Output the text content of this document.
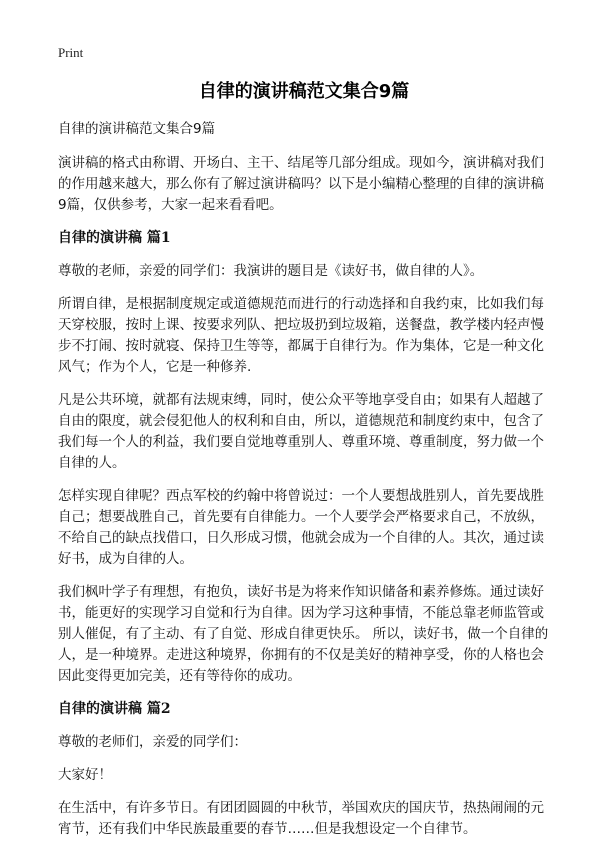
Print
自律的演讲稿范文集合9篇

自律的演讲稿范文集合9篇

演讲稿的格式由称谓、开场白、主干、结尾等几部分组成。现如今，演讲稿对我们的作用越来越大，那么你有了解过演讲稿吗？以下是小编精心整理的自律的演讲稿9篇，仅供参考，大家一起来看看吧。

自律的演讲稿 篇1

尊敬的老师，亲爱的同学们：我演讲的题目是《读好书，做自律的人》。

所谓自律，是根据制度规定或道德规范而进行的行动选择和自我约束，比如我们每天穿校服，按时上课、按要求列队、把垃圾扔到垃圾箱，送餐盘，教学楼内轻声慢步不打闹、按时就寝、保持卫生等等，都属于自律行为。作为集体，它是一种文化风气；作为个人，它是一种修养.

凡是公共环境，就都有法规束缚，同时，使公众平等地享受自由；如果有人超越了自由的限度，就会侵犯他人的权利和自由，所以，道德规范和制度约束中，包含了我们每一个人的利益，我们要自觉地尊重别人、尊重环境、尊重制度，努力做一个自律的人。

怎样实现自律呢？西点军校的约翰中将曾说过：一个人要想战胜别人，首先要战胜自己；想要战胜自己，首先要有自律能力。一个人要学会严格要求自己，不放纵，不给自己的缺点找借口，日久形成习惯，他就会成为一个自律的人。其次，通过读好书，成为自律的人。

我们枫叶学子有理想，有抱负，读好书是为将来作知识储备和素养修炼。通过读好书，能更好的实现学习自觉和行为自律。因为学习这种事情，不能总靠老师监管或别人催促，有了主动、有了自觉、形成自律更快乐。 所以，读好书，做一个自律的人，是一种境界。走进这种境界，你拥有的不仅是美好的精神享受，你的人格也会因此变得更加完美，还有等待你的成功。

自律的演讲稿 篇2

尊敬的老师们，亲爱的同学们：

大家好！

在生活中，有许多节日。有团团圆圆的中秋节，举国欢庆的国庆节，热热闹闹的元宵节，还有我们中华民族最重要的春节……但是我想设定一个自律节。
